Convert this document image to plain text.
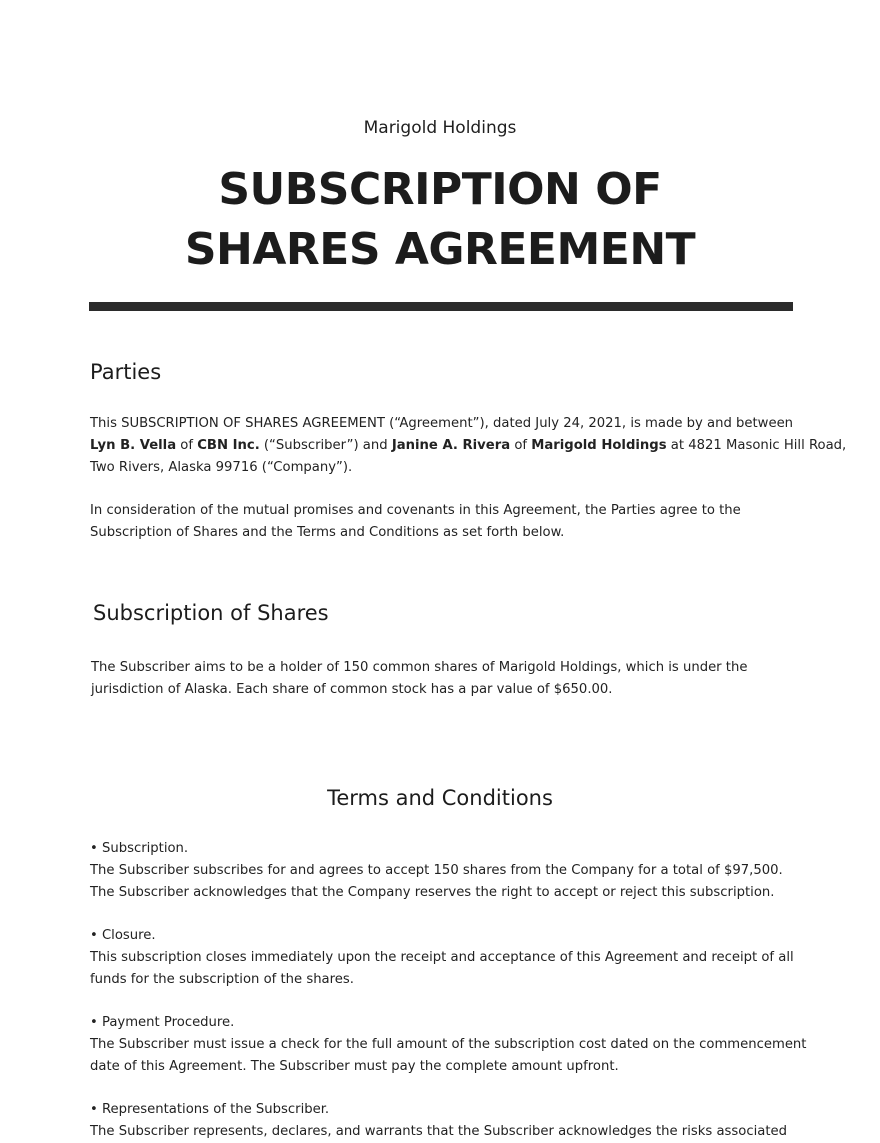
Marigold Holdings
SUBSCRIPTION OF
SHARES AGREEMENT
Parties
This SUBSCRIPTION OF SHARES AGREEMENT (“Agreement”), dated July 24, 2021, is made by and between
Lyn B. Vella of CBN Inc. (“Subscriber”) and Janine A. Rivera of Marigold Holdings at 4821 Masonic Hill Road,
Two Rivers, Alaska 99716 (“Company”).
In consideration of the mutual promises and covenants in this Agreement, the Parties agree to the
Subscription of Shares and the Terms and Conditions as set forth below.
Subscription of Shares
The Subscriber aims to be a holder of 150 common shares of Marigold Holdings, which is under the
jurisdiction of Alaska. Each share of common stock has a par value of $650.00.
Terms and Conditions
• Subscription.
The Subscriber subscribes for and agrees to accept 150 shares from the Company for a total of $97,500.
The Subscriber acknowledges that the Company reserves the right to accept or reject this subscription.
• Closure.
This subscription closes immediately upon the receipt and acceptance of this Agreement and receipt of all
funds for the subscription of the shares.
• Payment Procedure.
The Subscriber must issue a check for the full amount of the subscription cost dated on the commencement
date of this Agreement. The Subscriber must pay the complete amount upfront.
• Representations of the Subscriber.
The Subscriber represents, declares, and warrants that the Subscriber acknowledges the risks associated
